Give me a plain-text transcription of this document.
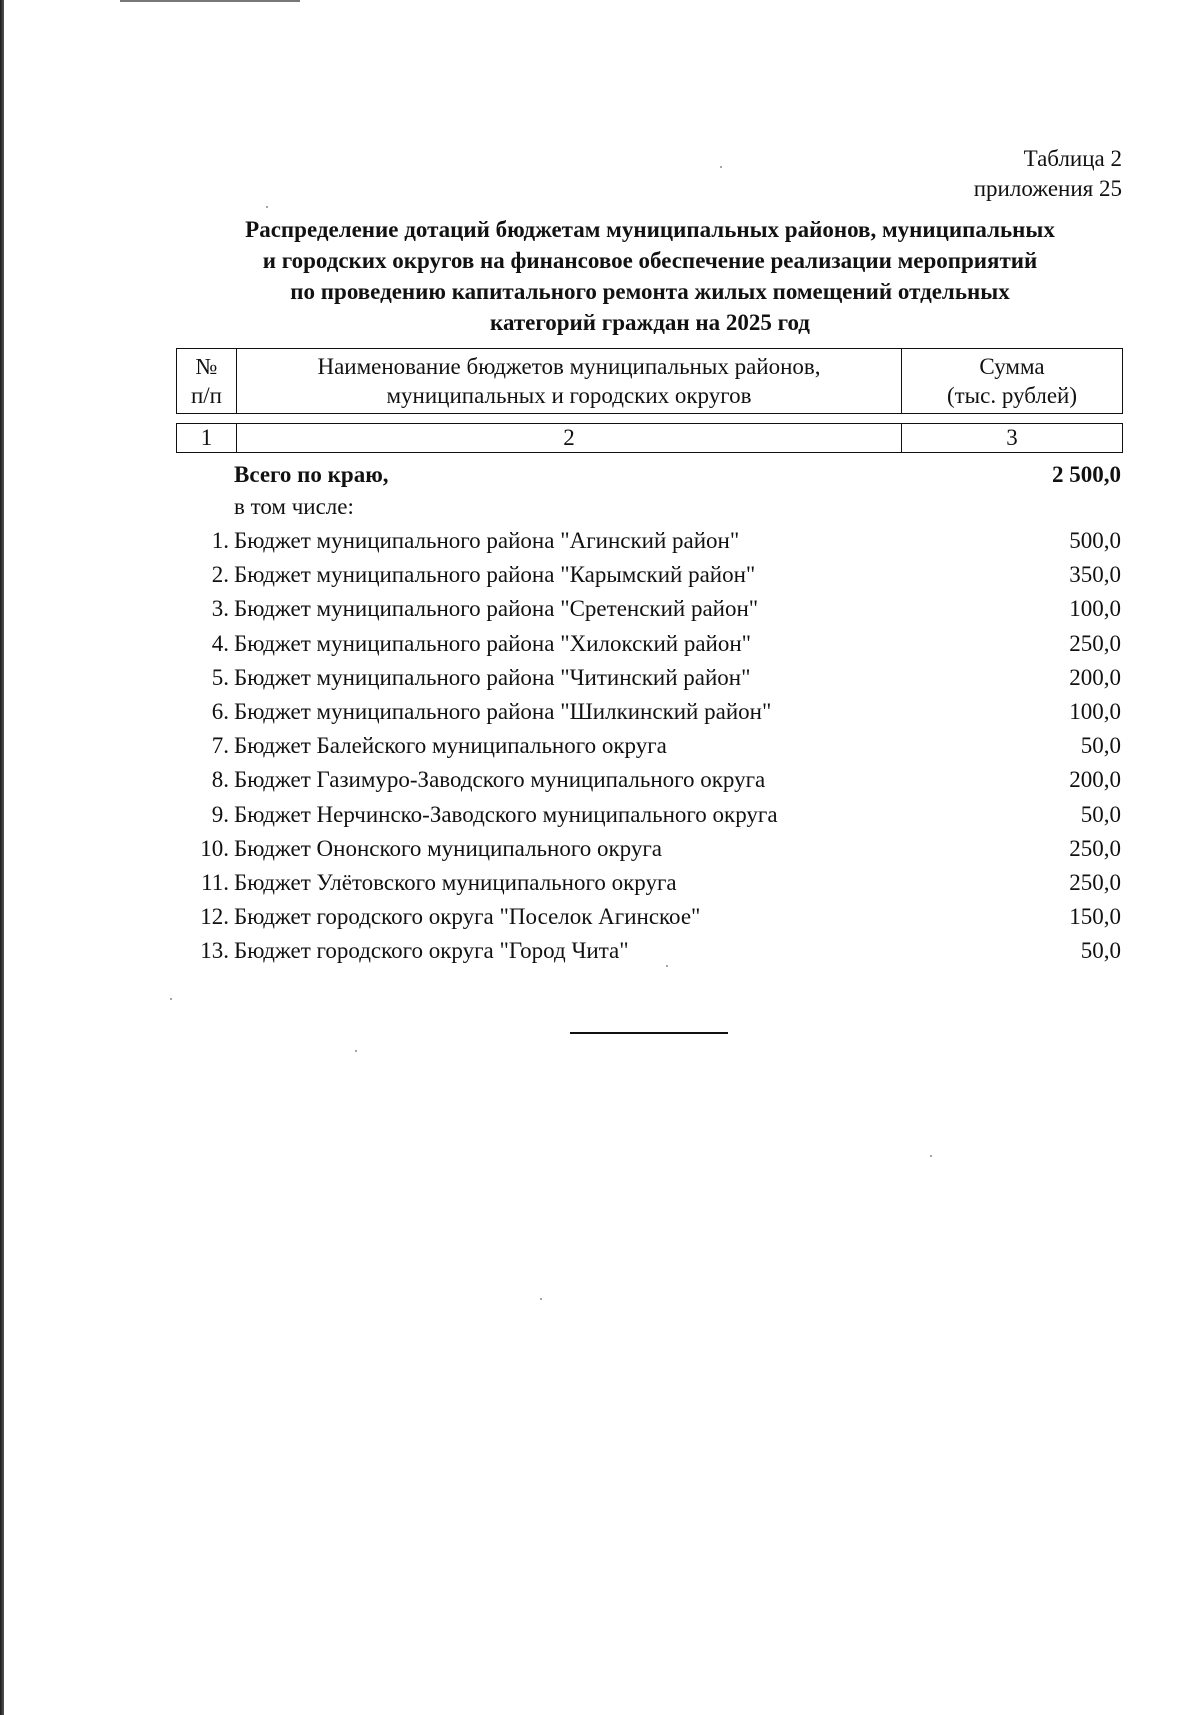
Таблица 2
приложения 25
Распределение дотаций бюджетам муниципальных районов, муниципальных
и городских округов на финансовое обеспечение реализации мероприятий
по проведению капитального ремонта жилых помещений отдельных
категорий граждан на 2025 год
№
п/п
Наименование бюджетов муниципальных районов,
муниципальных и городских округов
Сумма
(тыс. рублей)
1	2	3
Всего по краю,	2 500,0
в том числе:
1. Бюджет муниципального района "Агинский район"	500,0
2. Бюджет муниципального района "Карымский район"	350,0
3. Бюджет муниципального района "Сретенский район"	100,0
4. Бюджет муниципального района "Хилокский район"	250,0
5. Бюджет муниципального района "Читинский район"	200,0
6. Бюджет муниципального района "Шилкинский район"	100,0
7. Бюджет Балейского муниципального округа	50,0
8. Бюджет Газимуро-Заводского муниципального округа	200,0
9. Бюджет Нерчинско-Заводского муниципального округа	50,0
10. Бюджет Ононского муниципального округа	250,0
11. Бюджет Улётовского муниципального округа	250,0
12. Бюджет городского округа "Поселок Агинское"	150,0
13. Бюджет городского округа "Город Чита"	50,0
